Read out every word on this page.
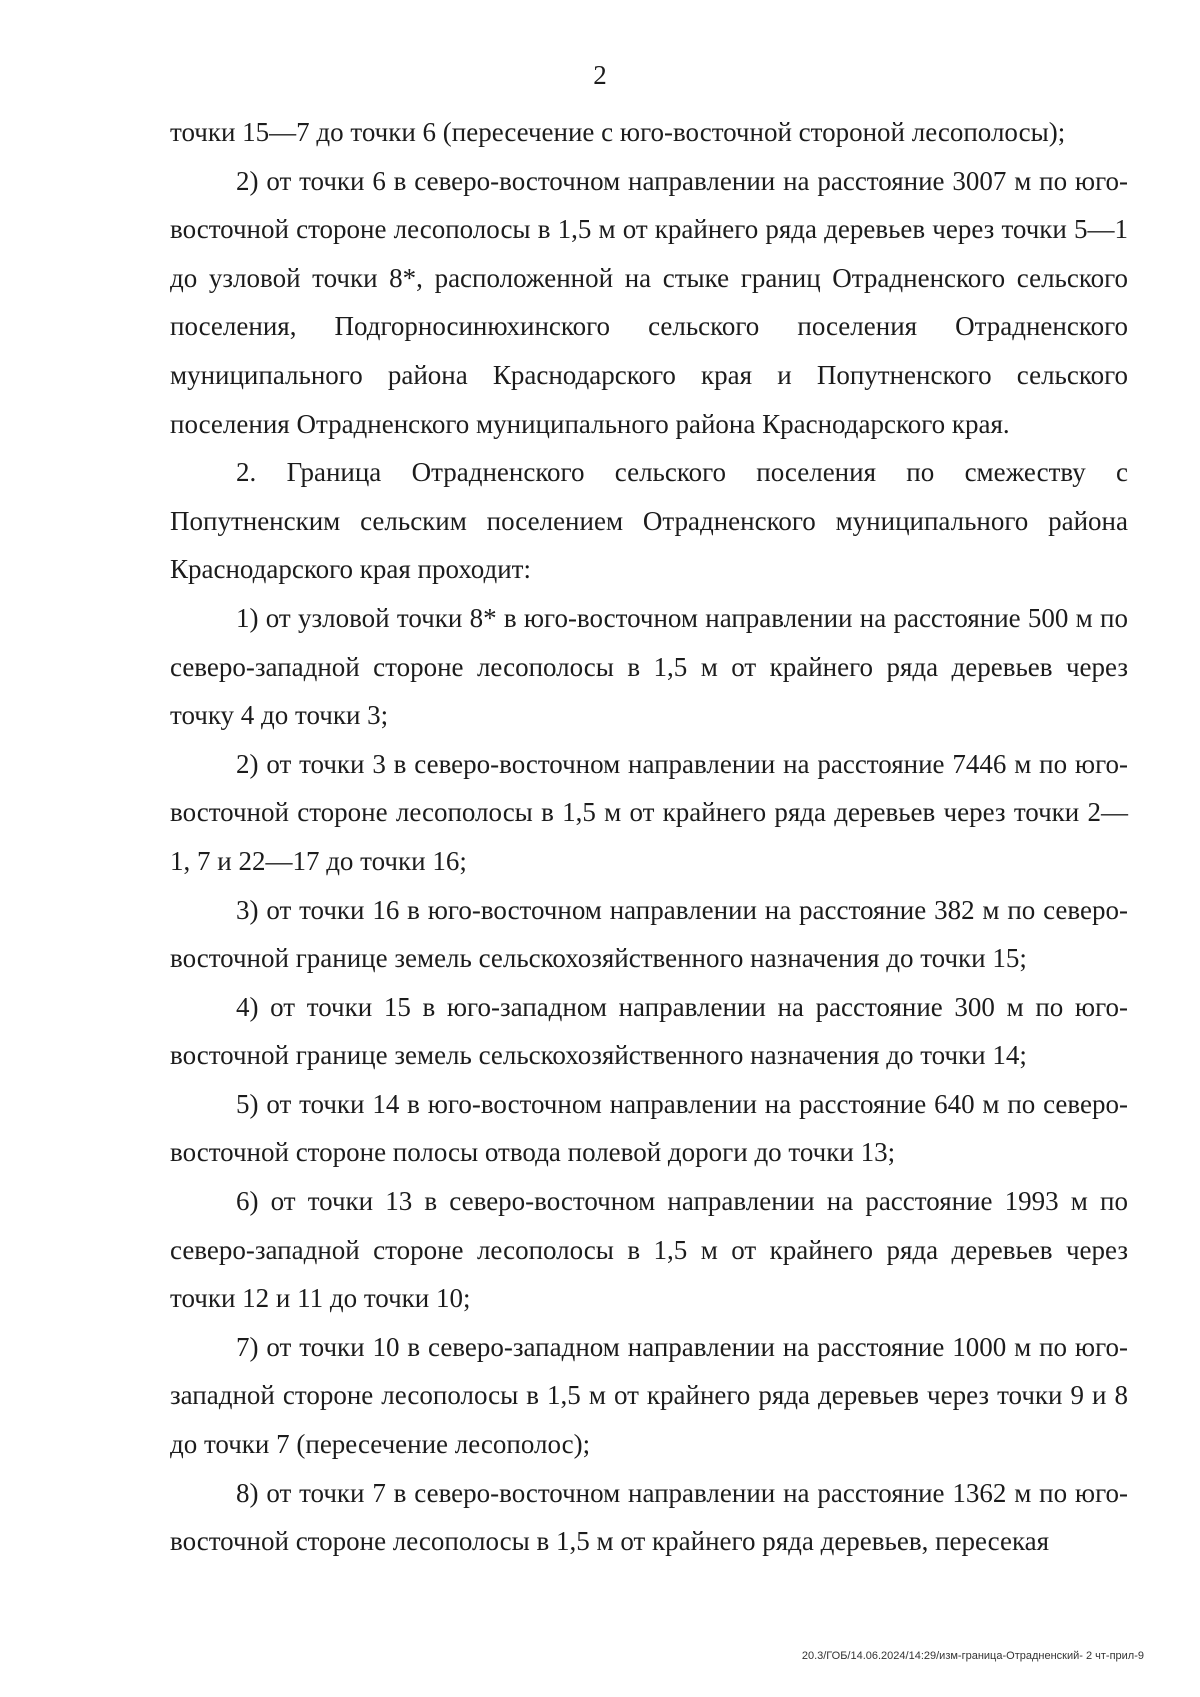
2

точки 15—7 до точки 6 (пересечение с юго-восточной стороной лесополосы);

2) от точки 6 в северо-восточном направлении на расстояние 3007 м по юго-восточной стороне лесополосы в 1,5 м от крайнего ряда деревьев через точки 5—1 до узловой точки 8*, расположенной на стыке границ Отрадненского сельского поселения, Подгорносинюхинского сельского поселения Отрадненского муниципального района Краснодарского края и Попутненского сельского поселения Отрадненского муниципального района Краснодарского края.

2. Граница Отрадненского сельского поселения по смежеству с Попутненским сельским поселением Отрадненского муниципального района Краснодарского края проходит:

1) от узловой точки 8* в юго-восточном направлении на расстояние 500 м по северо-западной стороне лесополосы в 1,5 м от крайнего ряда деревьев через точку 4 до точки 3;

2) от точки 3 в северо-восточном направлении на расстояние 7446 м по юго-восточной стороне лесополосы в 1,5 м от крайнего ряда деревьев через точки 2—1, 7 и 22—17 до точки 16;

3) от точки 16 в юго-восточном направлении на расстояние 382 м по северо-восточной границе земель сельскохозяйственного назначения до точки 15;

4) от точки 15 в юго-западном направлении на расстояние 300 м по юго-восточной границе земель сельскохозяйственного назначения до точки 14;

5) от точки 14 в юго-восточном направлении на расстояние 640 м по северо-восточной стороне полосы отвода полевой дороги до точки 13;

6) от точки 13 в северо-восточном направлении на расстояние 1993 м по северо-западной стороне лесополосы в 1,5 м от крайнего ряда деревьев через точки 12 и 11 до точки 10;

7) от точки 10 в северо-западном направлении на расстояние 1000 м по юго-западной стороне лесополосы в 1,5 м от крайнего ряда деревьев через точки 9 и 8 до точки 7 (пересечение лесополос);

8) от точки 7 в северо-восточном направлении на расстояние 1362 м по юго-восточной стороне лесополосы в 1,5 м от крайнего ряда деревьев, пересекая

20.3/ГОБ/14.06.2024/14:29/изм-граница-Отрадненский- 2 чт-прил-9
